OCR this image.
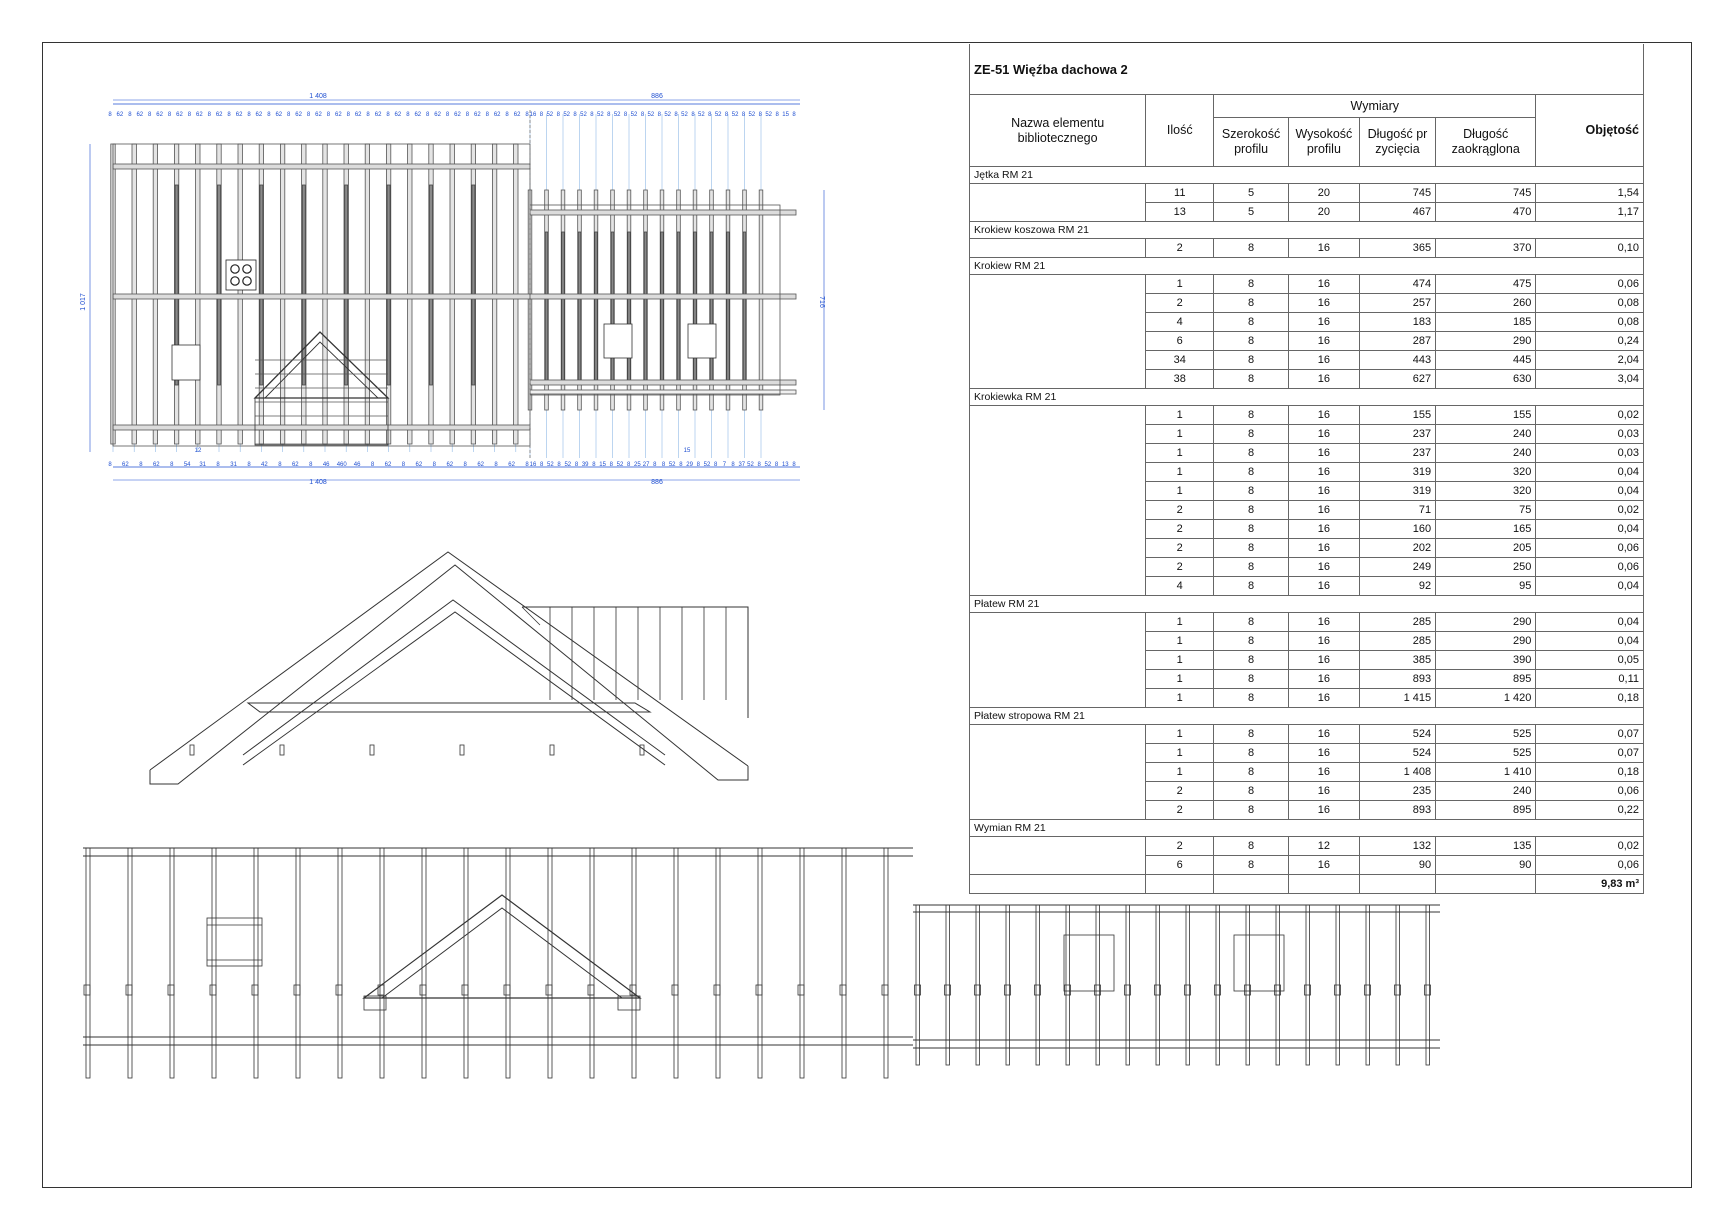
1 408	886
1 408	886
1 017	716
12	15
8 62 8 62 8 62 8 62 8 62 8 62 8 62 8 62 8 62 8 62 8 62 8 62 8 62 8 62 8 62 8 62 8 62 8 62 8 62 8 62 8 62 8 16 8 52 8 52 8 52 8 52 8 52 8 52 8 52 8 52 8 52 8 52 8 52 8 52 8 52 8 52 8 15 8
8 62 8 62 8 54 31 8 31 8 42 8 62 8 46 460 46 8 62 8 62 8 62 8 62 8 62 8 16 8 52 8 52 8 39 8 15 8 52 8 25 27 8 8 52 8 29 8 52 8 7 8 37 52 8 52 8 13 8
ZE-51 Więźba dachowa 2						
Nazwa elementu bibliotecznego	Ilość	Wymiary				Objętość
		Szerokość profilu	Wysokość profilu	Długość pr zycięcia	Długość zaokrąglona	
Jętka RM 21						
	11	5	20	745	745	1,54
	13	5	20	467	470	1,17
Krokiew koszowa RM 21						
	2	8	16	365	370	0,10
Krokiew RM 21						
	1	8	16	474	475	0,06
	2	8	16	257	260	0,08
	4	8	16	183	185	0,08
	6	8	16	287	290	0,24
	34	8	16	443	445	2,04
	38	8	16	627	630	3,04
Krokiewka RM 21						
	1	8	16	155	155	0,02
	1	8	16	237	240	0,03
	1	8	16	237	240	0,03
	1	8	16	319	320	0,04
	1	8	16	319	320	0,04
	2	8	16	71	75	0,02
	2	8	16	160	165	0,04
	2	8	16	202	205	0,06
	2	8	16	249	250	0,06
	4	8	16	92	95	0,04
Płatew RM 21						
	1	8	16	285	290	0,04
	1	8	16	285	290	0,04
	1	8	16	385	390	0,05
	1	8	16	893	895	0,11
	1	8	16	1 415	1 420	0,18
Płatew stropowa RM 21						
	1	8	16	524	525	0,07
	1	8	16	524	525	0,07
	1	8	16	1 408	1 410	0,18
	2	8	16	235	240	0,06
	2	8	16	893	895	0,22
Wymian RM 21						
	2	8	12	132	135	0,02
	6	8	16	90	90	0,06
						9,83 m³
